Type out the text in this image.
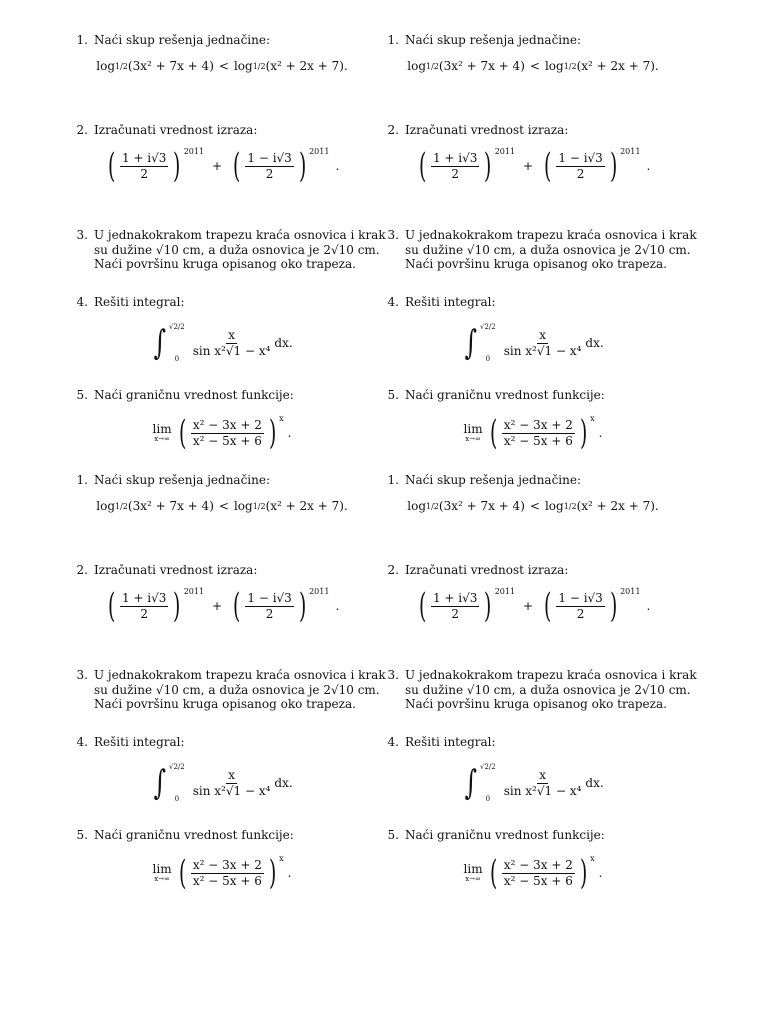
1. Naći skup rešenja jednačine:
log 1/2 (3x² + 7x + 4) < log 1/2 (x² + 2x + 7).
2. Izračunati vrednost izraza:
( $\frac{1 + i√3}{2}$ ) 2011
+ ( $\frac{1 - i√3}{2}$ ) 2011
.
3. U jednakokrakom trapezu kraća osnovica i krak
su dužine √10 cm, a duža osnovica je 2√10 cm.
Naći površinu kruga opisanog oko trapeza.
4. Rešiti integral:
∫ √2/2
0
$\frac{x}{\text{sin x²√1 − x⁴}}$ dx.
5. Naći graničnu vrednost funkcije:
lim
x→∞ ( $\frac{\text{x² − 3x + 2}}{\text{x² − 5x + 6}}$ ) x
.
1. Naći skup rešenja jednačine:
log 1/2 (3x² + 7x + 4) < log 1/2 (x² + 2x + 7).
2. Izračunati vrednost izraza:
( $\frac{1 + i√3}{2}$ ) 2011
+ ( $\frac{1 - i√3}{2}$ ) 2011
.
3. U jednakokrakom trapezu kraća osnovica i krak
su dužine √10 cm, a duža osnovica je 2√10 cm.
Naći površinu kruga opisanog oko trapeza.
4. Rešiti integral:
∫ √2/2
0
$\frac{x}{\text{sin x²√1 − x⁴}}$ dx.
5. Naći graničnu vrednost funkcije:
lim
x→∞ ( $\frac{\text{x² − 3x + 2}}{\text{x² − 5x + 6}}$ ) x
.
1. Naći skup rešenja jednačine:
log 1/2 (3x² + 7x + 4) < log 1/2 (x² + 2x + 7).
2. Izračunati vrednost izraza:
( $\frac{1 + i√3}{2}$ ) 2011
+ ( $\frac{1 - i√3}{2}$ ) 2011
.
3. U jednakokrakom trapezu kraća osnovica i krak
su dužine √10 cm, a duža osnovica je 2√10 cm.
Naći površinu kruga opisanog oko trapeza.
4. Rešiti integral:
∫ √2/2
0
$\frac{x}{\text{sin x²√1 − x⁴}}$ dx.
5. Naći graničnu vrednost funkcije:
lim
x→∞ ( $\frac{\text{x² − 3x + 2}}{\text{x² − 5x + 6}}$ ) x
.
1. Naći skup rešenja jednačine:
log 1/2 (3x² + 7x + 4) < log 1/2 (x² + 2x + 7).
2. Izračunati vrednost izraza:
( $\frac{1 + i√3}{2}$ ) 2011
+ ( $\frac{1 - i√3}{2}$ ) 2011
.
3. U jednakokrakom trapezu kraća osnovica i krak
su dužine √10 cm, a duža osnovica je 2√10 cm.
Naći površinu kruga opisanog oko trapeza.
4. Rešiti integral:
∫ √2/2
0
$\frac{x}{\text{sin x²√1 − x⁴}}$ dx.
5. Naći graničnu vrednost funkcije:
lim
x→∞ ( $\frac{\text{x² − 3x + 2}}{\text{x² − 5x + 6}}$ ) x
.
